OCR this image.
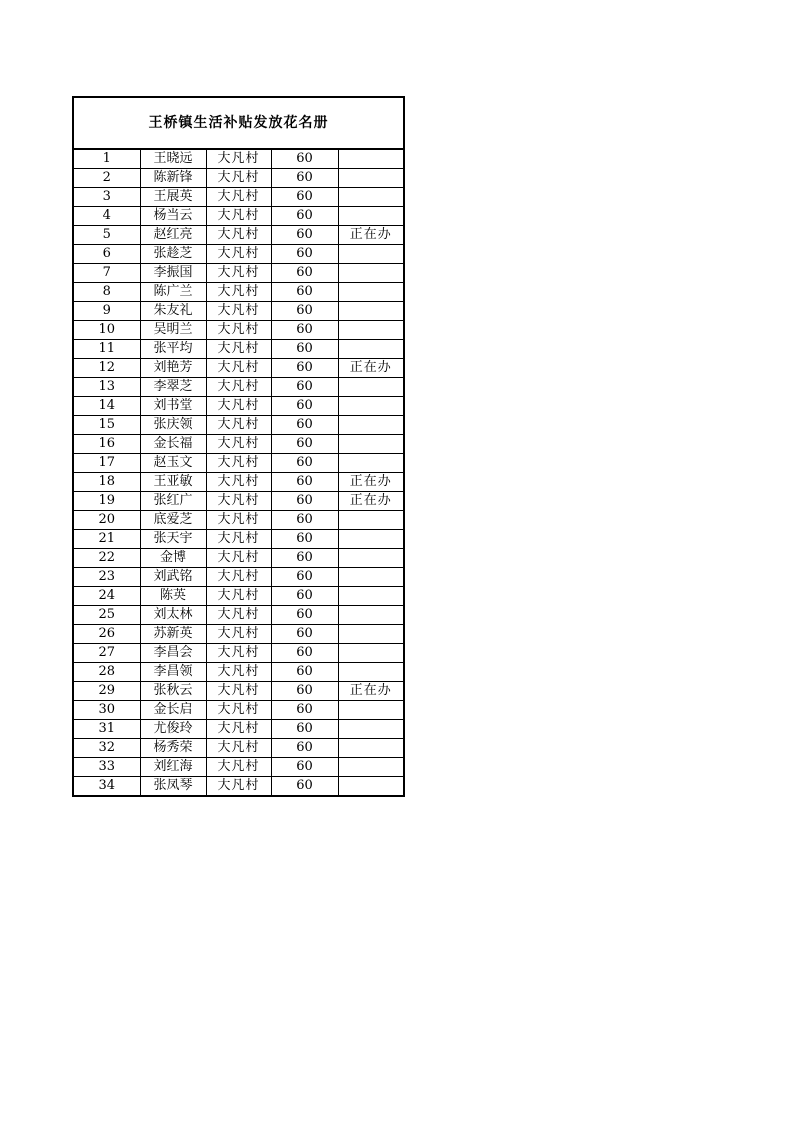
王桥镇生活补贴发放花名册				
1	王晓远	大凡村	60	
2	陈新锋	大凡村	60	
3	王展英	大凡村	60	
4	杨当云	大凡村	60	
5	赵红亮	大凡村	60	正在办
6	张趁芝	大凡村	60	
7	李振国	大凡村	60	
8	陈广兰	大凡村	60	
9	朱友礼	大凡村	60	
10	吴明兰	大凡村	60	
11	张平均	大凡村	60	
12	刘艳芳	大凡村	60	正在办
13	李翠芝	大凡村	60	
14	刘书堂	大凡村	60	
15	张庆领	大凡村	60	
16	金长福	大凡村	60	
17	赵玉文	大凡村	60	
18	王亚敏	大凡村	60	正在办
19	张红广	大凡村	60	正在办
20	底爱芝	大凡村	60	
21	张天宇	大凡村	60	
22	金博	大凡村	60	
23	刘武铭	大凡村	60	
24	陈英	大凡村	60	
25	刘太林	大凡村	60	
26	苏新英	大凡村	60	
27	李昌会	大凡村	60	
28	李昌领	大凡村	60	
29	张秋云	大凡村	60	正在办
30	金长启	大凡村	60	
31	尤俊玲	大凡村	60	
32	杨秀荣	大凡村	60	
33	刘红海	大凡村	60	
34	张凤琴	大凡村	60	
